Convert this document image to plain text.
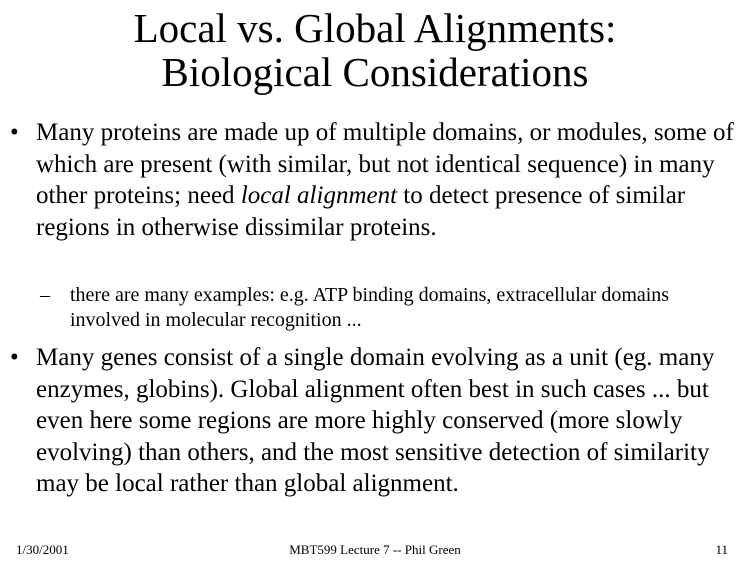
Local vs. Global Alignments:
Biological Considerations
• Many proteins are made up of multiple domains, or modules, some of which are present (with similar, but not identical sequence) in many other proteins; need local alignment to detect presence of similar regions in otherwise dissimilar proteins.
– there are many examples: e.g. ATP binding domains, extracellular domains involved in molecular recognition ...
• Many genes consist of a single domain evolving as a unit (eg. many enzymes, globins). Global alignment often best in such cases ... but even here some regions are more highly conserved (more slowly evolving) than others, and the most sensitive detection of similarity may be local rather than global alignment.
1/30/2001	MBT599 Lecture 7 -- Phil Green	11
